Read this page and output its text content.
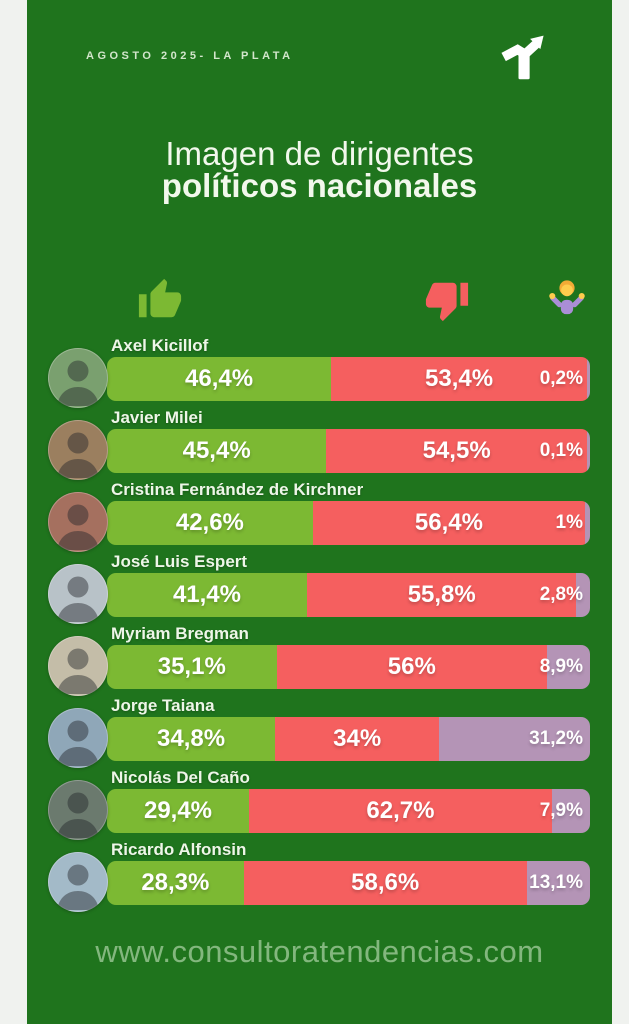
AGOSTO 2025- LA PLATA
Imagen de dirigentes
políticos nacionales
Axel Kicillof
46,4%	53,4% 0,2%
Javier Milei
45,4%	54,5%	0,1%
Cristina Fernández de Kirchner
42,6%	56,4%	1%
José Luis Espert
41,4%	55,8%	2,8%
Myriam Bregman
35,1%	56%	8,9%
Jorge Taiana
34,8%	34%	31,2%
Nicolás Del Caño
29,4%	62,7%	7,9%
Ricardo Alfonsin
28,3%	58,6%	13,1%
www.consultoratendencias.com
